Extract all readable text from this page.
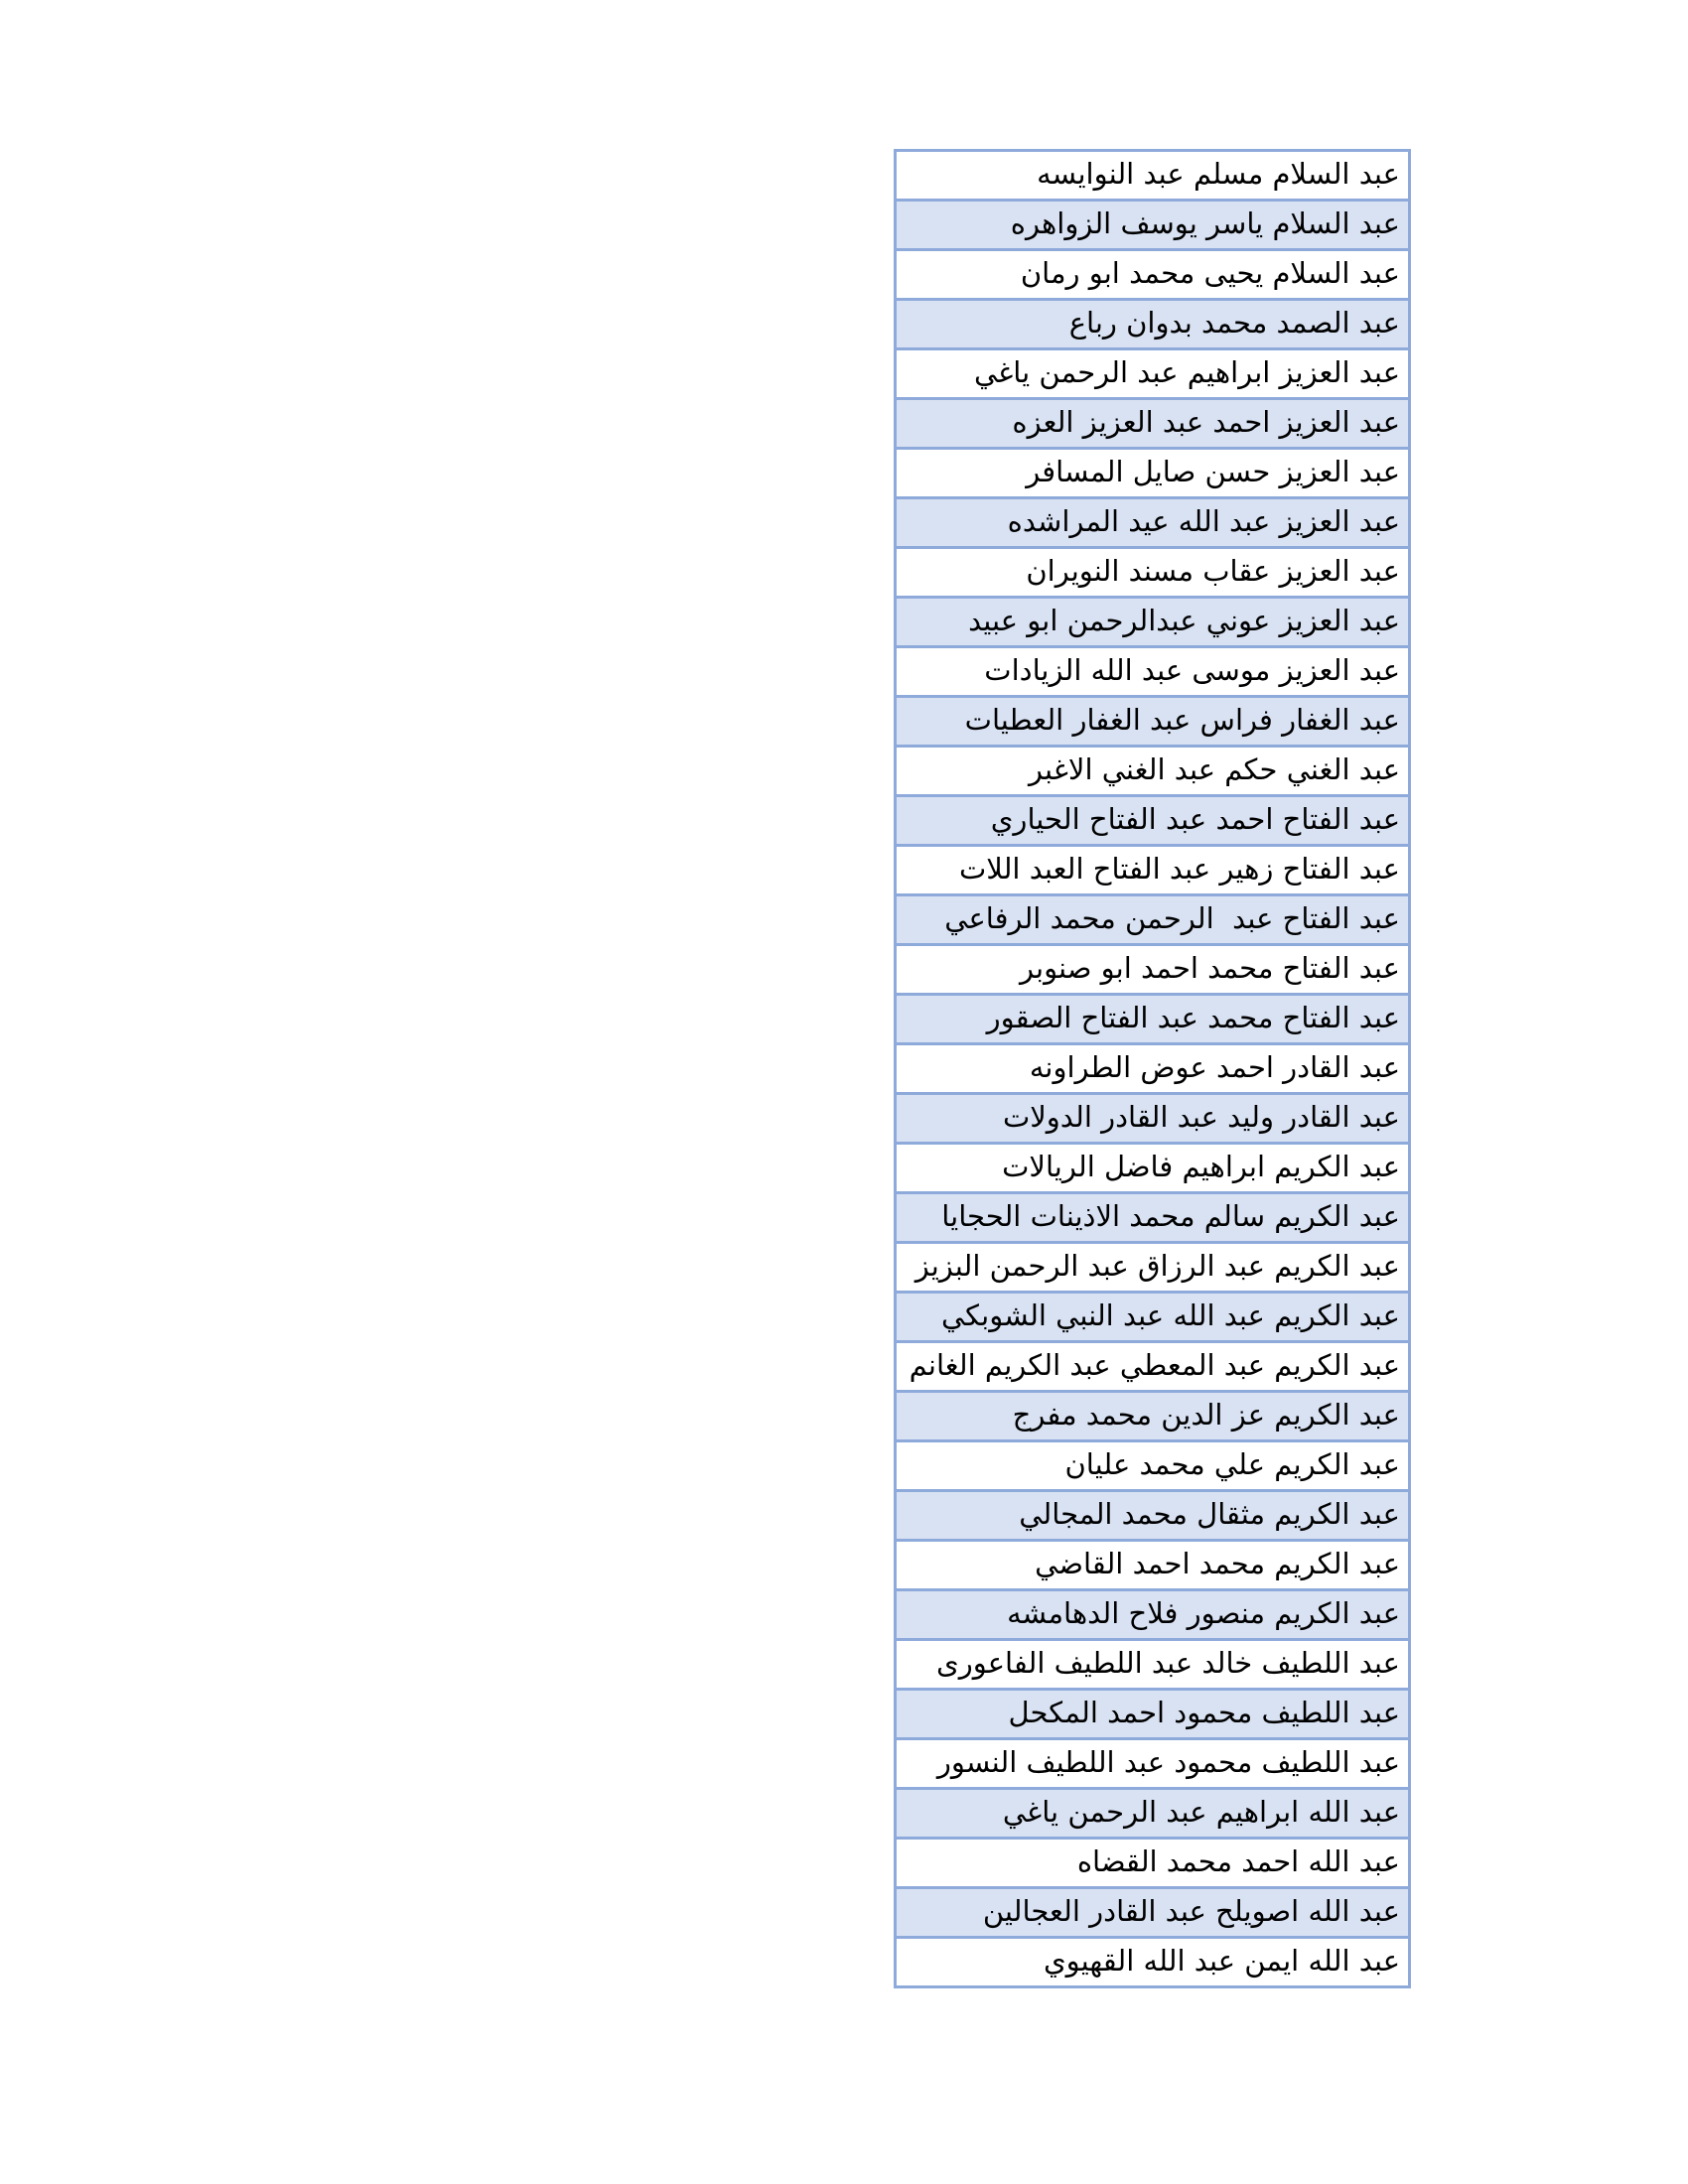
عبد السلام مسلم عبد النوايسه
عبد السلام ياسر يوسف الزواهره
عبد السلام يحيى محمد ابو رمان
عبد الصمد محمد بدوان رباع
عبد العزيز ابراهيم عبد الرحمن ياغي
عبد العزيز احمد عبد العزيز العزه
عبد العزيز حسن صايل المسافر
عبد العزيز عبد الله عيد المراشده
عبد العزيز عقاب مسند النويران
عبد العزيز عوني عبدالرحمن ابو عبيد
عبد العزيز موسى عبد الله الزيادات
عبد الغفار فراس عبد الغفار العطيات
عبد الغني حكم عبد الغني الاغبر
عبد الفتاح احمد عبد الفتاح الحياري
عبد الفتاح زهير عبد الفتاح العبد اللات
عبد الفتاح عبد  الرحمن محمد الرفاعي
عبد الفتاح محمد احمد ابو صنوبر
عبد الفتاح محمد عبد الفتاح الصقور
عبد القادر احمد عوض الطراونه
عبد القادر وليد عبد القادر الدولات
عبد الكريم ابراهيم فاضل الريالات
عبد الكريم سالم محمد الاذينات الحجايا
عبد الكريم عبد الرزاق عبد الرحمن البزيز
عبد الكريم عبد الله عبد النبي الشوبكي
عبد الكريم عبد المعطي عبد الكريم الغانم
عبد الكريم عز الدين محمد مفرج
عبد الكريم علي محمد عليان
عبد الكريم مثقال محمد المجالي
عبد الكريم محمد احمد القاضي
عبد الكريم منصور فلاح الدهامشه
عبد اللطيف خالد عبد اللطيف الفاعورى
عبد اللطيف محمود احمد المكحل
عبد اللطيف محمود عبد اللطيف النسور
عبد الله ابراهيم عبد الرحمن ياغي
عبد الله احمد محمد القضاه
عبد الله اصويلح عبد القادر العجالين
عبد الله ايمن عبد الله القهيوي
